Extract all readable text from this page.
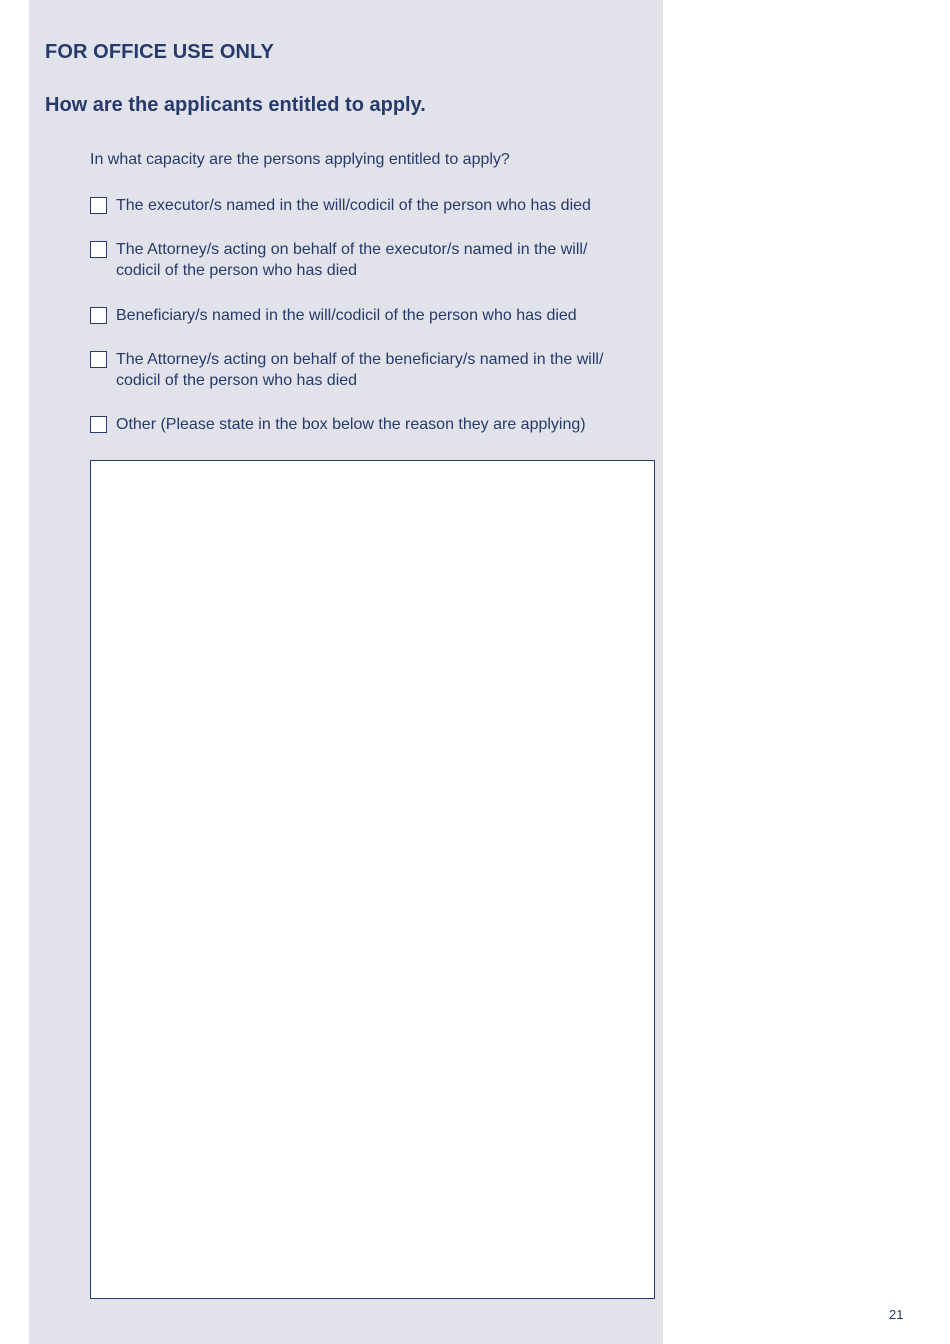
FOR OFFICE USE ONLY
How are the applicants entitled to apply.
In what capacity are the persons applying entitled to apply?
The executor/s named in the will/codicil of the person who has died
The Attorney/s acting on behalf of the executor/s named in the will/
codicil of the person who has died
Beneficiary/s named in the will/codicil of the person who has died
The Attorney/s acting on behalf of the beneficiary/s named in the will/
codicil of the person who has died
Other (Please state in the box below the reason they are applying)
21
